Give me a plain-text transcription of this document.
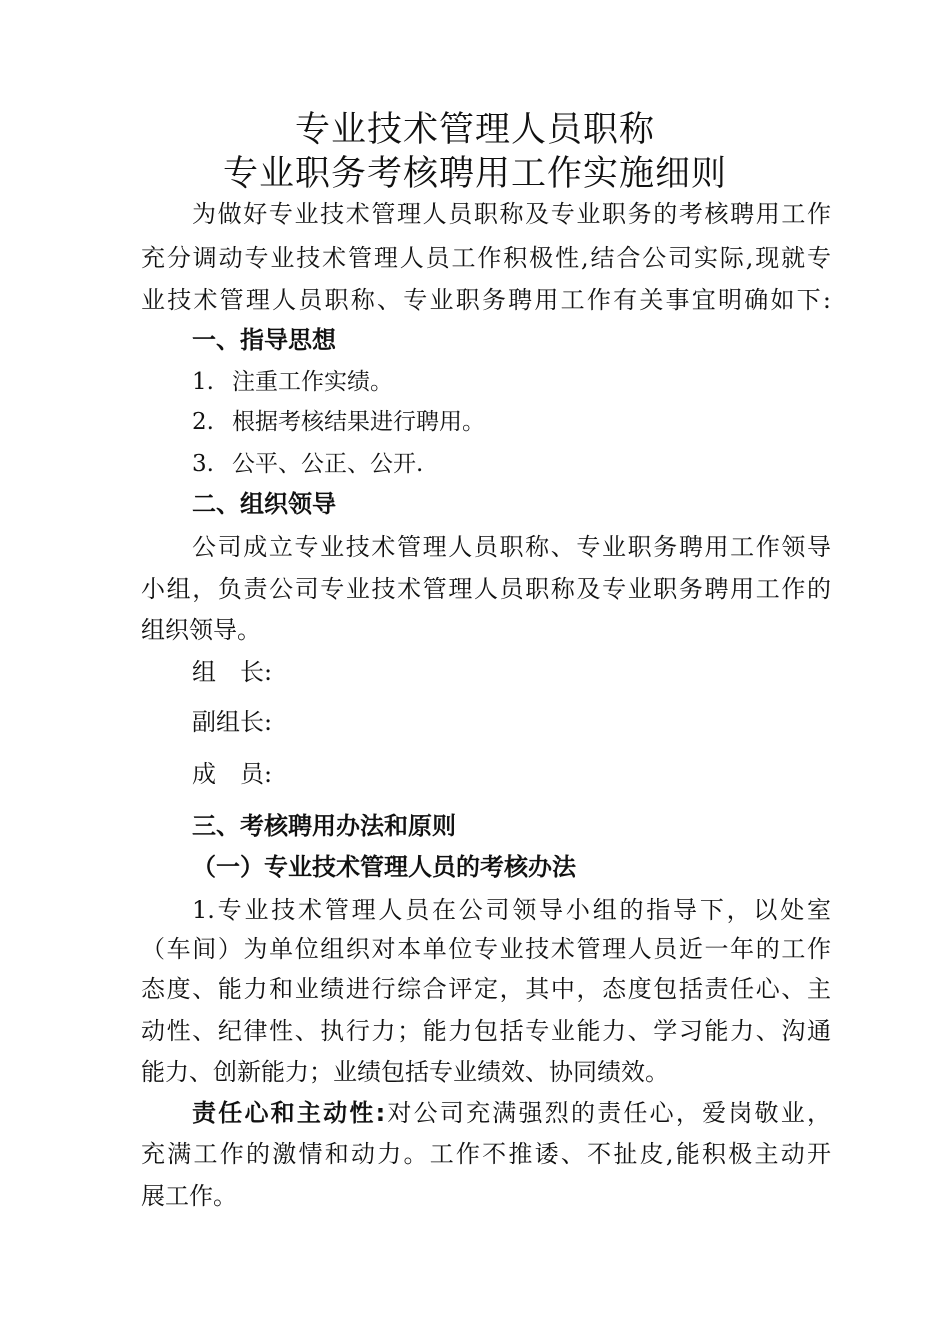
专业技术管理人员职称
专业职务考核聘用工作实施细则
为做好专业技术管理人员职称及专业职务的考核聘用工作
充分调动专业技术管理人员工作积极性,结合公司实际,现就专
业技术管理人员职称、专业职务聘用工作有关事宜明确如下:
一、指导思想
1. 注重工作实绩。
2. 根据考核结果进行聘用。
3. 公平、公正、公开.
二、组织领导
公司成立专业技术管理人员职称、专业职务聘用工作领导
小组，负责公司专业技术管理人员职称及专业职务聘用工作的
组织领导。
组　长:
副组长:
成　员:
三、考核聘用办法和原则
（一）专业技术管理人员的考核办法
1.专业技术管理人员在公司领导小组的指导下，以处室
（车间）为单位组织对本单位专业技术管理人员近一年的工作
态度、能力和业绩进行综合评定，其中，态度包括责任心、主
动性、纪律性、执行力；能力包括专业能力、学习能力、沟通
能力、创新能力；业绩包括专业绩效、协同绩效。
责任心和主动性:对公司充满强烈的责任心，爱岗敬业，
充满工作的激情和动力。工作不推诿、不扯皮,能积极主动开
展工作。
